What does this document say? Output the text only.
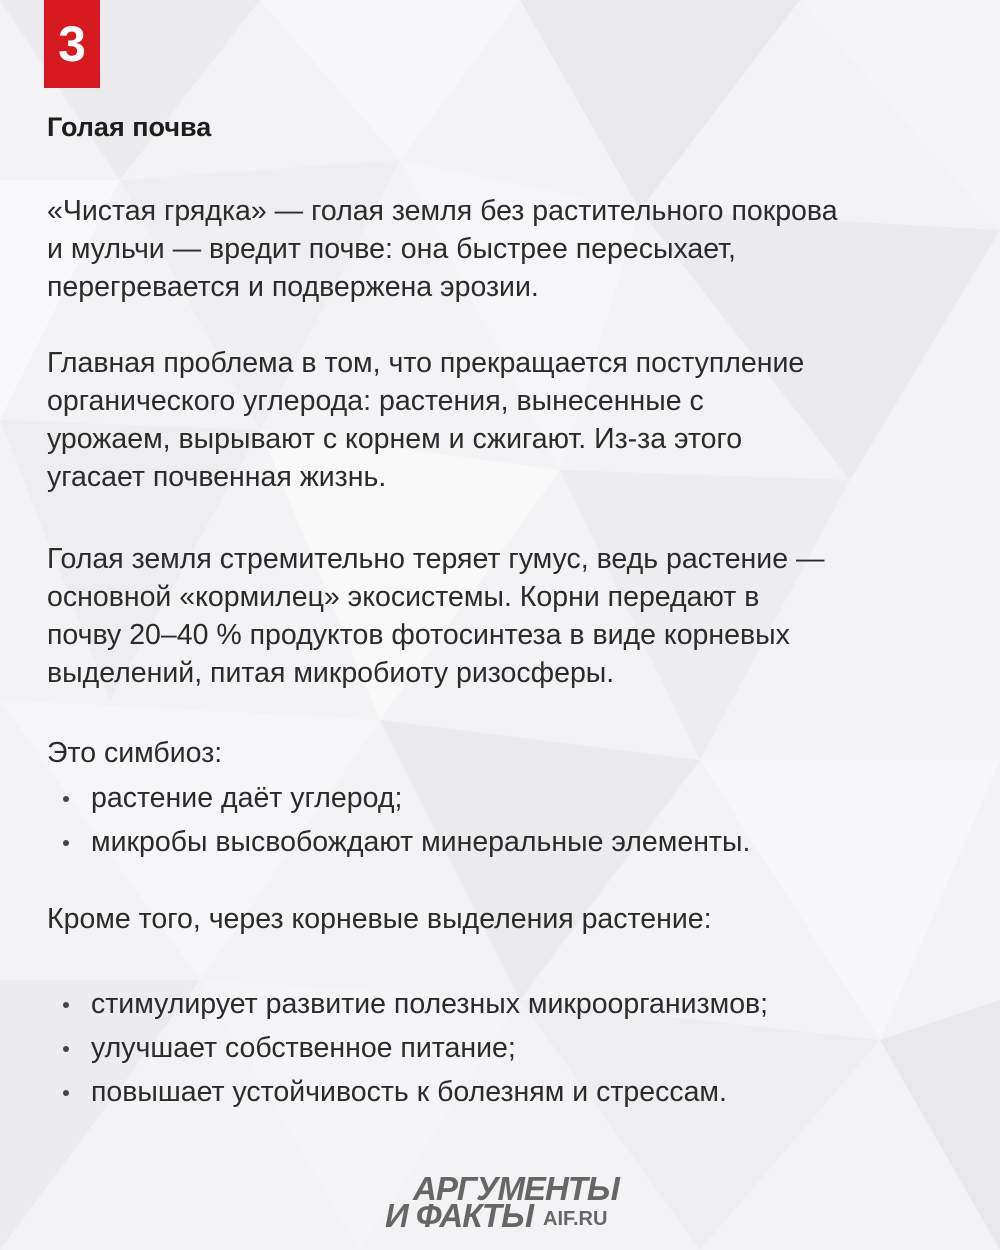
3
Голая почва

«Чистая грядка» — голая земля без растительного покрова
и мульчи — вредит почве: она быстрее пересыхает,
перегревается и подвержена эрозии.

Главная проблема в том, что прекращается поступление
органического углерода: растения, вынесенные с
урожаем, вырывают с корнем и сжигают. Из-за этого
угасает почвенная жизнь.

Голая земля стремительно теряет гумус, ведь растение —
основной «кормилец» экосистемы. Корни передают в
почву 20–40 % продуктов фотосинтеза в виде корневых
выделений, питая микробиоту ризосферы.

Это симбиоз:

растение даёт углерод;
микробы высвобождают минеральные элементы.

Кроме того, через корневые выделения растение:

стимулирует развитие полезных микроорганизмов;
улучшает собственное питание;
повышает устойчивость к болезням и стрессам.
АРГУМЕНТЫ
И ФАКТЫ AIF.RU
